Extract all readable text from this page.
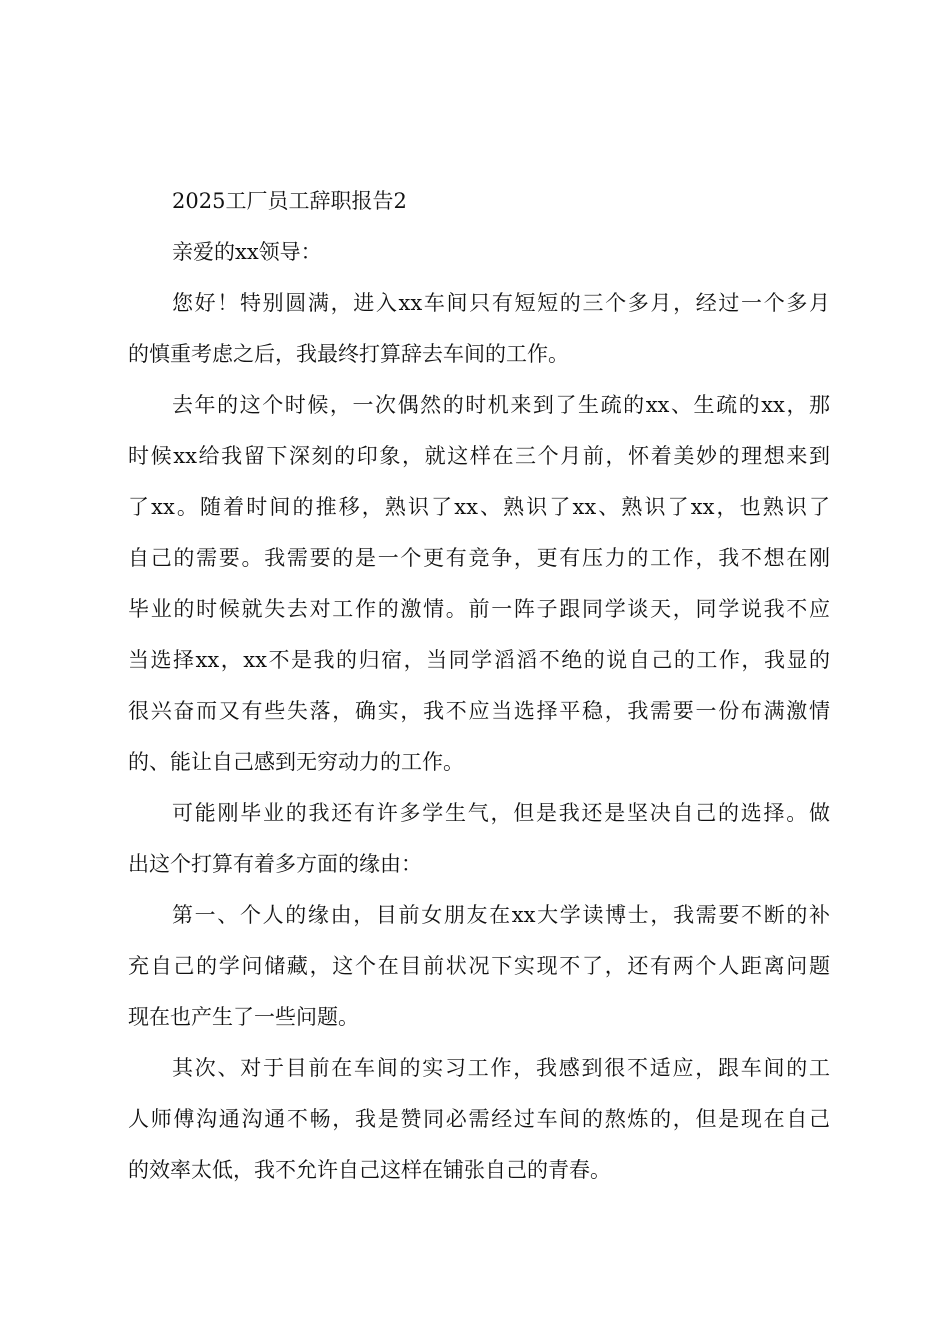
2025工厂员工辞职报告2
亲爱的xx领导：
您好！特别圆满，进入xx车间只有短短的三个多月，经过一个多月
的慎重考虑之后，我最终打算辞去车间的工作。
去年的这个时候，一次偶然的时机来到了生疏的xx、生疏的xx，那
时候xx给我留下深刻的印象，就这样在三个月前，怀着美妙的理想来到
了xx。随着时间的推移，熟识了xx、熟识了xx、熟识了xx，也熟识了
自己的需要。我需要的是一个更有竞争，更有压力的工作，我不想在刚
毕业的时候就失去对工作的激情。前一阵子跟同学谈天，同学说我不应
当选择xx，xx不是我的归宿，当同学滔滔不绝的说自己的工作，我显的
很兴奋而又有些失落，确实，我不应当选择平稳，我需要一份布满激情
的、能让自己感到无穷动力的工作。
可能刚毕业的我还有许多学生气，但是我还是坚决自己的选择。做
出这个打算有着多方面的缘由：
第一、个人的缘由，目前女朋友在xx大学读博士，我需要不断的补
充自己的学问储藏，这个在目前状况下实现不了，还有两个人距离问题
现在也产生了一些问题。
其次、对于目前在车间的实习工作，我感到很不适应，跟车间的工
人师傅沟通沟通不畅，我是赞同必需经过车间的熬炼的，但是现在自己
的效率太低，我不允许自己这样在铺张自己的青春。
